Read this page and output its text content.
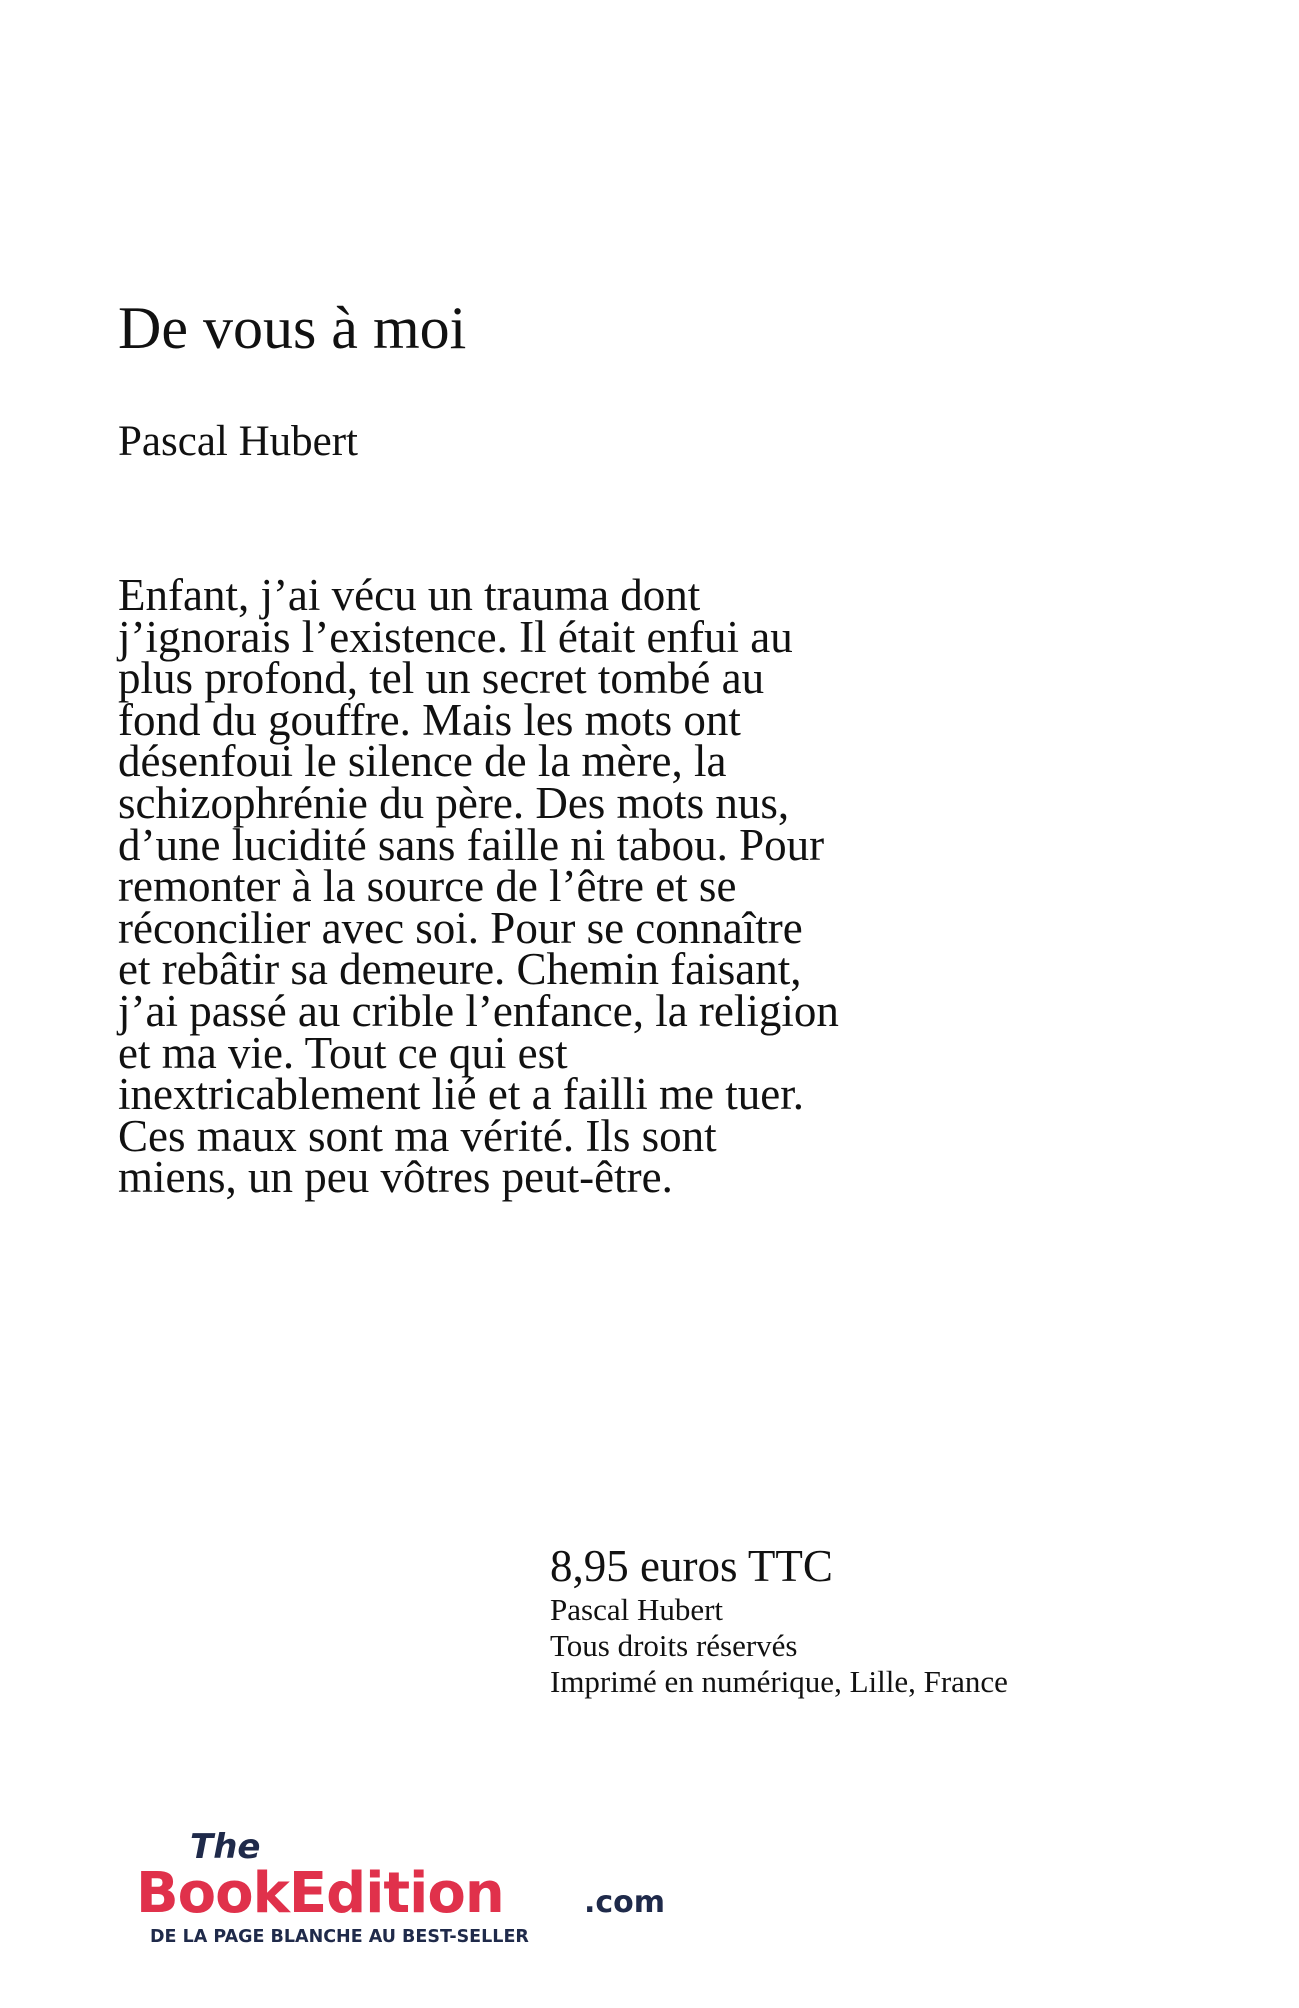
De vous à moi

Pascal Hubert

Enfant, j’ai vécu un trauma dont
j’ignorais l’existence. Il était enfui au
plus profond, tel un secret tombé au
fond du gouffre. Mais les mots ont
désenfoui le silence de la mère, la
schizophrénie du père. Des mots nus,
d’une lucidité sans faille ni tabou. Pour
remonter à la source de l’être et se
réconcilier avec soi. Pour se connaître
et rebâtir sa demeure. Chemin faisant,
j’ai passé au crible l’enfance, la religion
et ma vie. Tout ce qui est
inextricablement lié et a failli me tuer.
Ces maux sont ma vérité. Ils sont
miens, un peu vôtres peut-être.

8,95 euros TTC
Pascal Hubert
Tous droits réservés
Imprimé en numérique, Lille, France
The
BookEdition	.com
DE LA PAGE BLANCHE AU BEST-SELLER
